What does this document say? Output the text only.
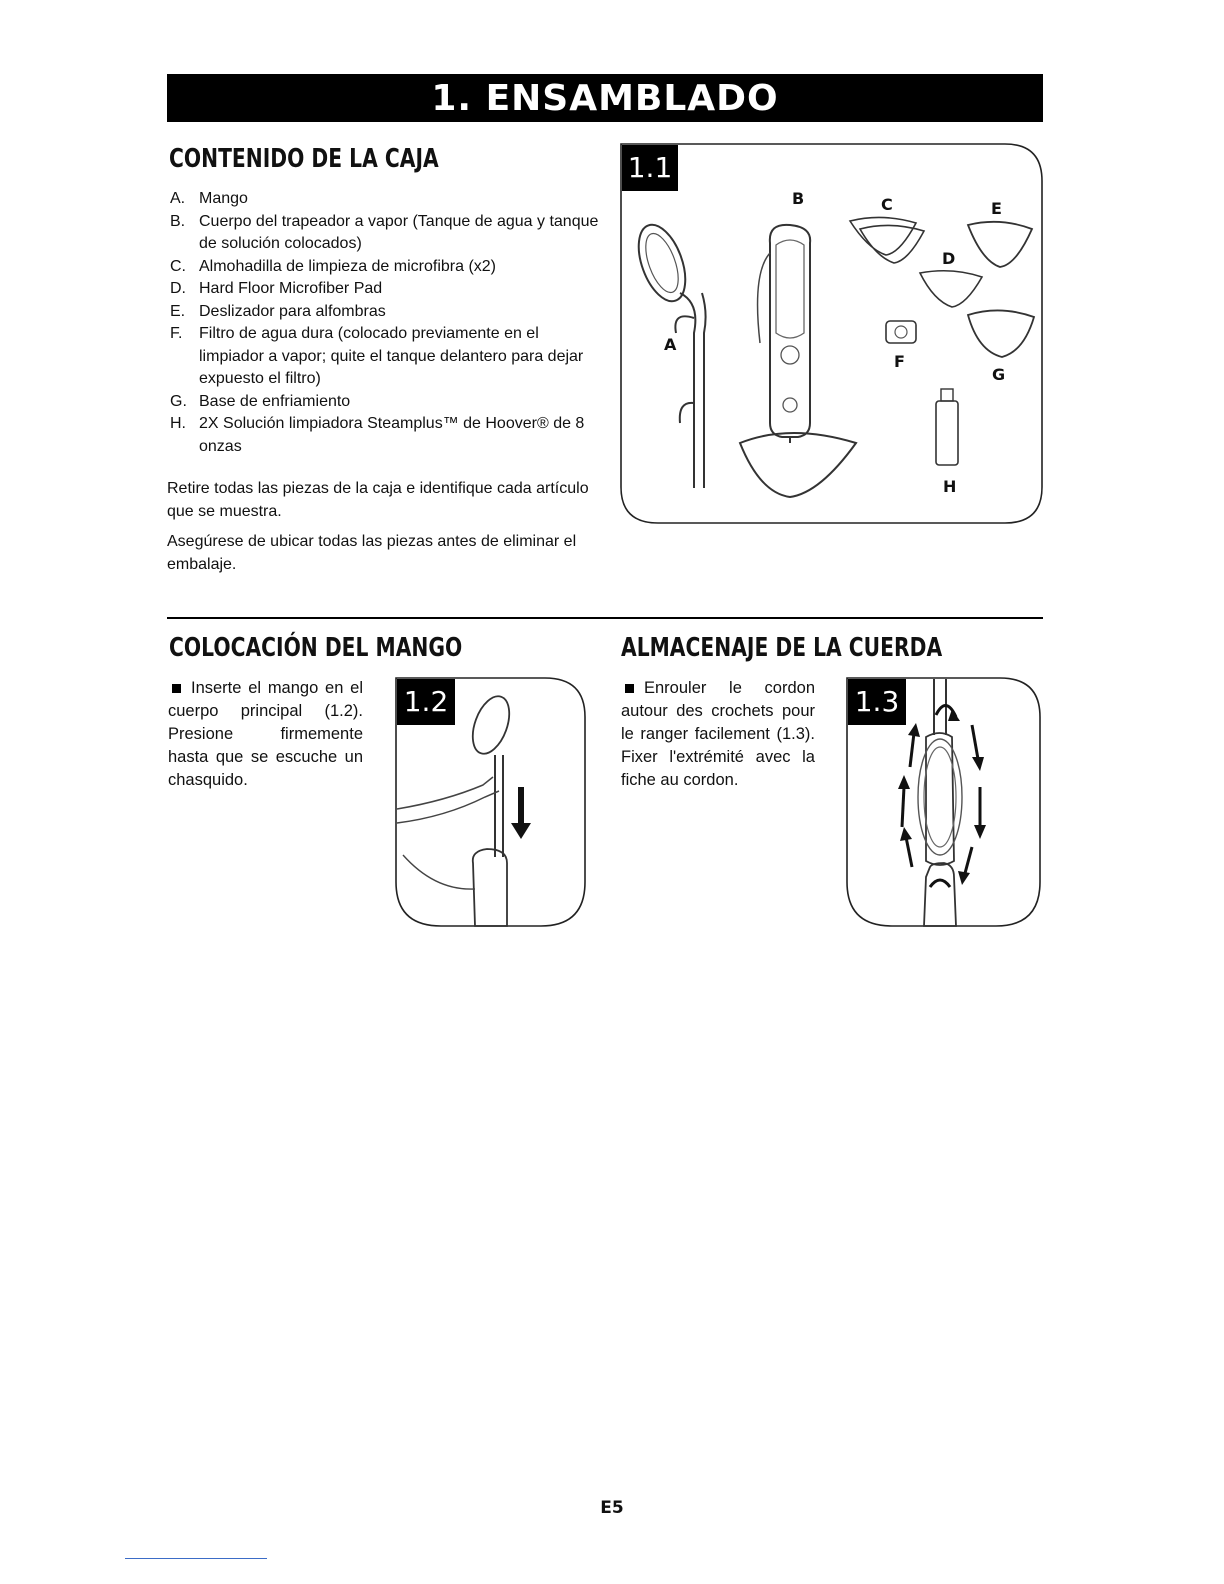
1. ENSAMBLADO
CONTENIDO DE LA CAJA
A. Mango
B. Cuerpo del trapeador a vapor (Tanque de agua y tanque de solución colocados)
C. Almohadilla de limpieza de microfibra (x2)
D. Hard Floor Microfiber Pad
E. Deslizador para alfombras
F. Filtro de agua dura (colocado previamente en el limpiador a vapor; quite el tanque delantero para dejar expuesto el filtro)
G. Base de enfriamiento
H. 2X Solución limpiadora Steamplus™ de Hoover® de 8 onzas

Retire todas las piezas de la caja e identifique cada artículo que se muestra.

Asegúrese de ubicar todas las piezas antes de eliminar el embalaje.

1.1
A
B	C
D
E
F
G
H
COLOCACIÓN DEL MANGO

Inserte el mango en el cuerpo principal (1.2). Presione firmemente hasta que se escuche un chasquido.

1.2
ALMACENAJE DE LA CUERDA

Enrouler le cordon autour des crochets pour le ranger facilement (1.3). Fixer l'extrémité avec la fiche au cordon.

1.3
E5
